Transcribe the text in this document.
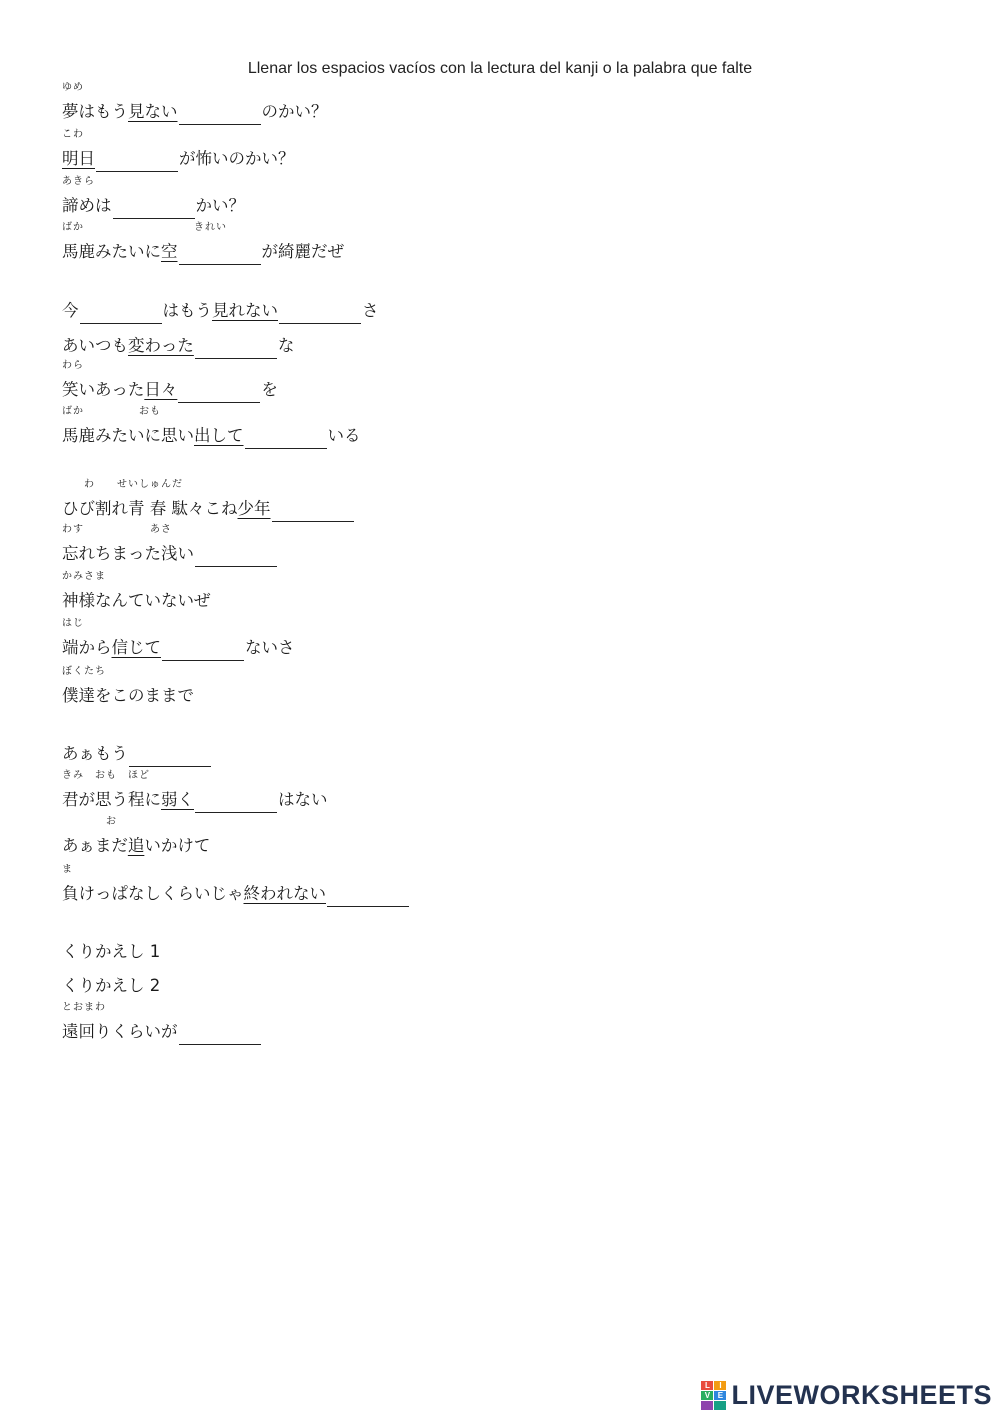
Llenar los espacios vacíos con la lectura del kanji o la palabra que falte
ゆめ
夢はもう見ない	のかい？
こわ
明日	が怖いのかい？
あきら
諦めは	かい？
ばか　　　　　　　　　　きれい
馬鹿みたいに空	が綺麗だぜ
今	はもう見れない	さ
あいつも変わった	な
わら
笑いあった日々	を
ばか　　　　　おも
馬鹿みたいに思い出して	いる
　　わ　　せいしゅんだ
ひび割れ青 春 駄々こね少年
わす　　　　　　あさ
忘れちまった浅い
かみさま
神様なんていないぜ
はじ
端から信じて	ないさ
ぼくたち
僕達をこのままで
あぁもう
きみ　おも　ほど
君が思う程に弱く	はない
　　　　お
あぁまだ追いかけて
ま
負けっぱなしくらいじゃ終われない
くりかえし 1
くりかえし 2
とおまわ
遠回りくらいが
L	I
V E LIVEWORKSHEETS
